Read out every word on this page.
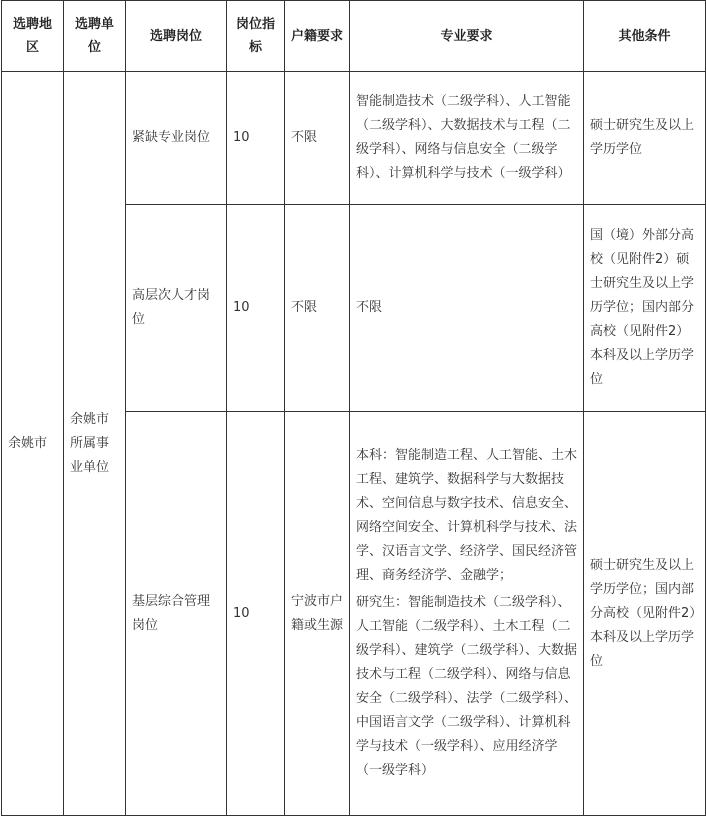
选聘地区	选聘单位	选聘岗位	岗位指标	户籍要求	专业要求	其他条件
余姚市	余姚市所属事业单位	紧缺专业岗位	10	不限	智能制造技术（二级学科）、人工智能（二级学科）、大数据技术与工程（二级学科）、网络与信息安全（二级学科）、计算机科学与技术（一级学科）	硕士研究生及以上学历学位
		高层次人才岗位	10	不限	不限	国（境）外部分高校（见附件2）硕士研究生及以上学历学位；国内部分高校（见附件2）本科及以上学历学位
		基层综合管理岗位	10	宁波市户籍或生源	本科：智能制造工程、人工智能、土木工程、建筑学、数据科学与大数据技术、空间信息与数字技术、信息安全、网络空间安全、计算机科学与技术、法学、汉语言文学、经济学、国民经济管理、商务经济学、金融学；

研究生：智能制造技术（二级学科）、人工智能（二级学科）、土木工程（二级学科）、建筑学（二级学科）、大数据技术与工程（二级学科）、网络与信息安全（二级学科）、法学（二级学科）、中国语言文学（二级学科）、计算机科学与技术（一级学科）、应用经济学（一级学科）	硕士研究生及以上学历学位；国内部分高校（见附件2）本科及以上学历学位
